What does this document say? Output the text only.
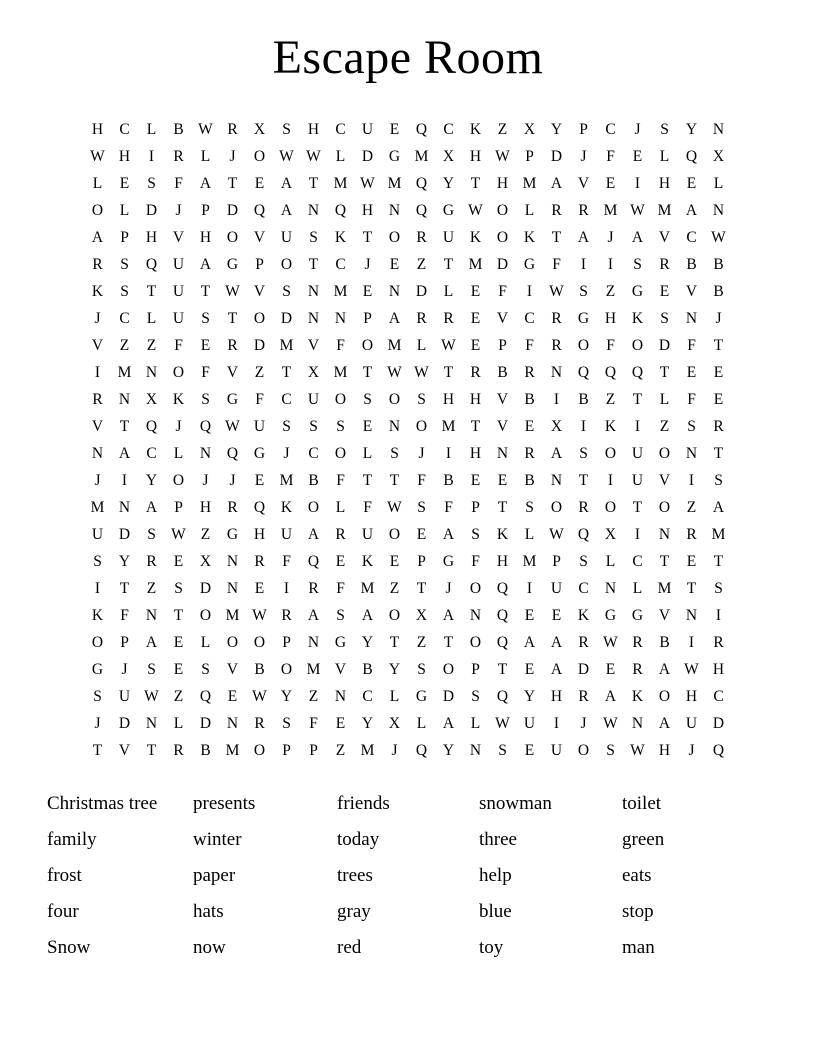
Escape Room
H	C	L	B	W	R	X	S	H	C	U	E	Q	C	K	Z	X	Y	P	C	J	S	Y	N
W	H	I	R	L	J	O	W	W	L	D	G	M	X	H	W	P	D	J	F	E	L	Q	X
L	E	S	F	A	T	E	A	T	M	W	M	Q	Y	T	H	M	A	V	E	I	H	E	L
O	L	D	J	P	D	Q	A	N	Q	H	N	Q	G	W	O	L	R	R	M	W	M	A	N
A	P	H	V	H	O	V	U	S	K	T	O	R	U	K	O	K	T	A	J	A	V	C	W
R	S	Q	U	A	G	P	O	T	C	J	E	Z	T	M	D	G	F	I	I	S	R	B	B
K	S	T	U	T	W	V	S	N	M	E	N	D	L	E	F	I	W	S	Z	G	E	V	B
J	C	L	U	S	T	O	D	N	N	P	A	R	R	E	V	C	R	G	H	K	S	N	J
V	Z	Z	F	E	R	D	M	V	F	O	M	L	W	E	P	F	R	O	F	O	D	F	T
I	M	N	O	F	V	Z	T	X	M	T	W	W	T	R	B	R	N	Q	Q	Q	T	E	E
R	N	X	K	S	G	F	C	U	O	S	O	S	H	H	V	B	I	B	Z	T	L	F	E
V	T	Q	J	Q	W	U	S	S	S	E	N	O	M	T	V	E	X	I	K	I	Z	S	R
N	A	C	L	N	Q	G	J	C	O	L	S	J	I	H	N	R	A	S	O	U	O	N	T
J	I	Y	O	J	J	E	M	B	F	T	T	F	B	E	E	B	N	T	I	U	V	I	S
M	N	A	P	H	R	Q	K	O	L	F	W	S	F	P	T	S	O	R	O	T	O	Z	A
U	D	S	W	Z	G	H	U	A	R	U	O	E	A	S	K	L	W	Q	X	I	N	R	M
S	Y	R	E	X	N	R	F	Q	E	K	E	P	G	F	H	M	P	S	L	C	T	E	T
I	T	Z	S	D	N	E	I	R	F	M	Z	T	J	O	Q	I	U	C	N	L	M	T	S
K	F	N	T	O	M	W	R	A	S	A	O	X	A	N	Q	E	E	K	G	G	V	N	I
O	P	A	E	L	O	O	P	N	G	Y	T	Z	T	O	Q	A	A	R	W	R	B	I	R
G	J	S	E	S	V	B	O	M	V	B	Y	S	O	P	T	E	A	D	E	R	A	W	H
S	U	W	Z	Q	E	W	Y	Z	N	C	L	G	D	S	Q	Y	H	R	A	K	O	H	C
J	D	N	L	D	N	R	S	F	E	Y	X	L	A	L	W	U	I	J	W	N	A	U	D
T	V	T	R	B	M	O	P	P	Z	M	J	Q	Y	N	S	E	U	O	S	W	H	J	Q
Christmas tree	presents	friends	snowman	toilet
family	winter	today	three	green
frost	paper	trees	help	eats
four	hats	gray	blue	stop
Snow	now	red	toy	man
